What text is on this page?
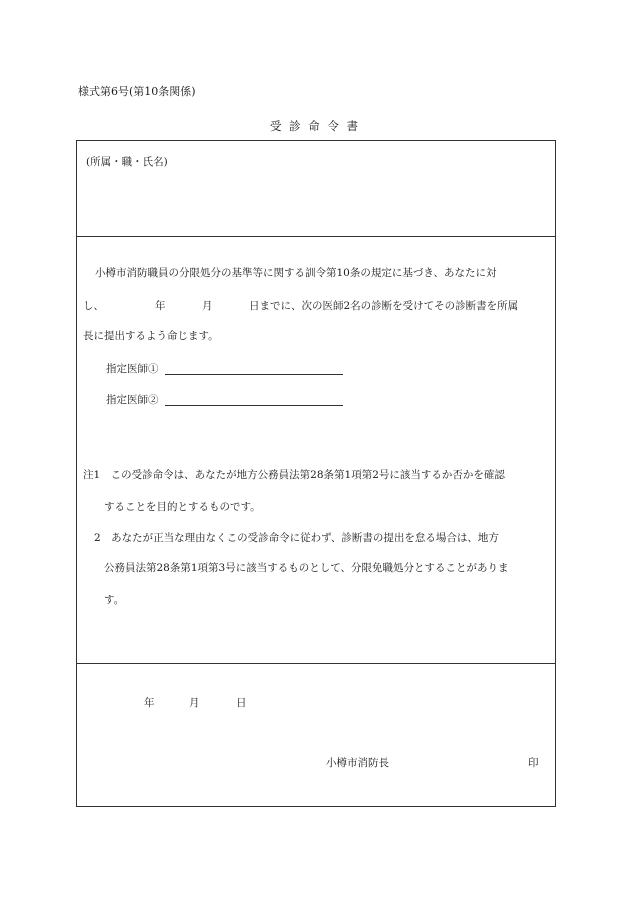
様式第6号(第10条関係)
受 診 命 令 書
(所属・職・氏名)
小樽市消防職員の分限処分の基準等に関する訓令第10条の規定に基づき、あなたに対
し、	年	月	日までに、次の医師2名の診断を受けてその診断書を所属
長に提出するよう命じます。
指定医師①
指定医師②
注1　この受診命令は、あなたが地方公務員法第28条第1項第2号に該当するか否かを確認
することを目的とするものです。
2　あなたが正当な理由なくこの受診命令に従わず、診断書の提出を怠る場合は、地方
公務員法第28条第1項第3号に該当するものとして、分限免職処分とすることがありま
す。
年	月	日
小樽市消防長	印
